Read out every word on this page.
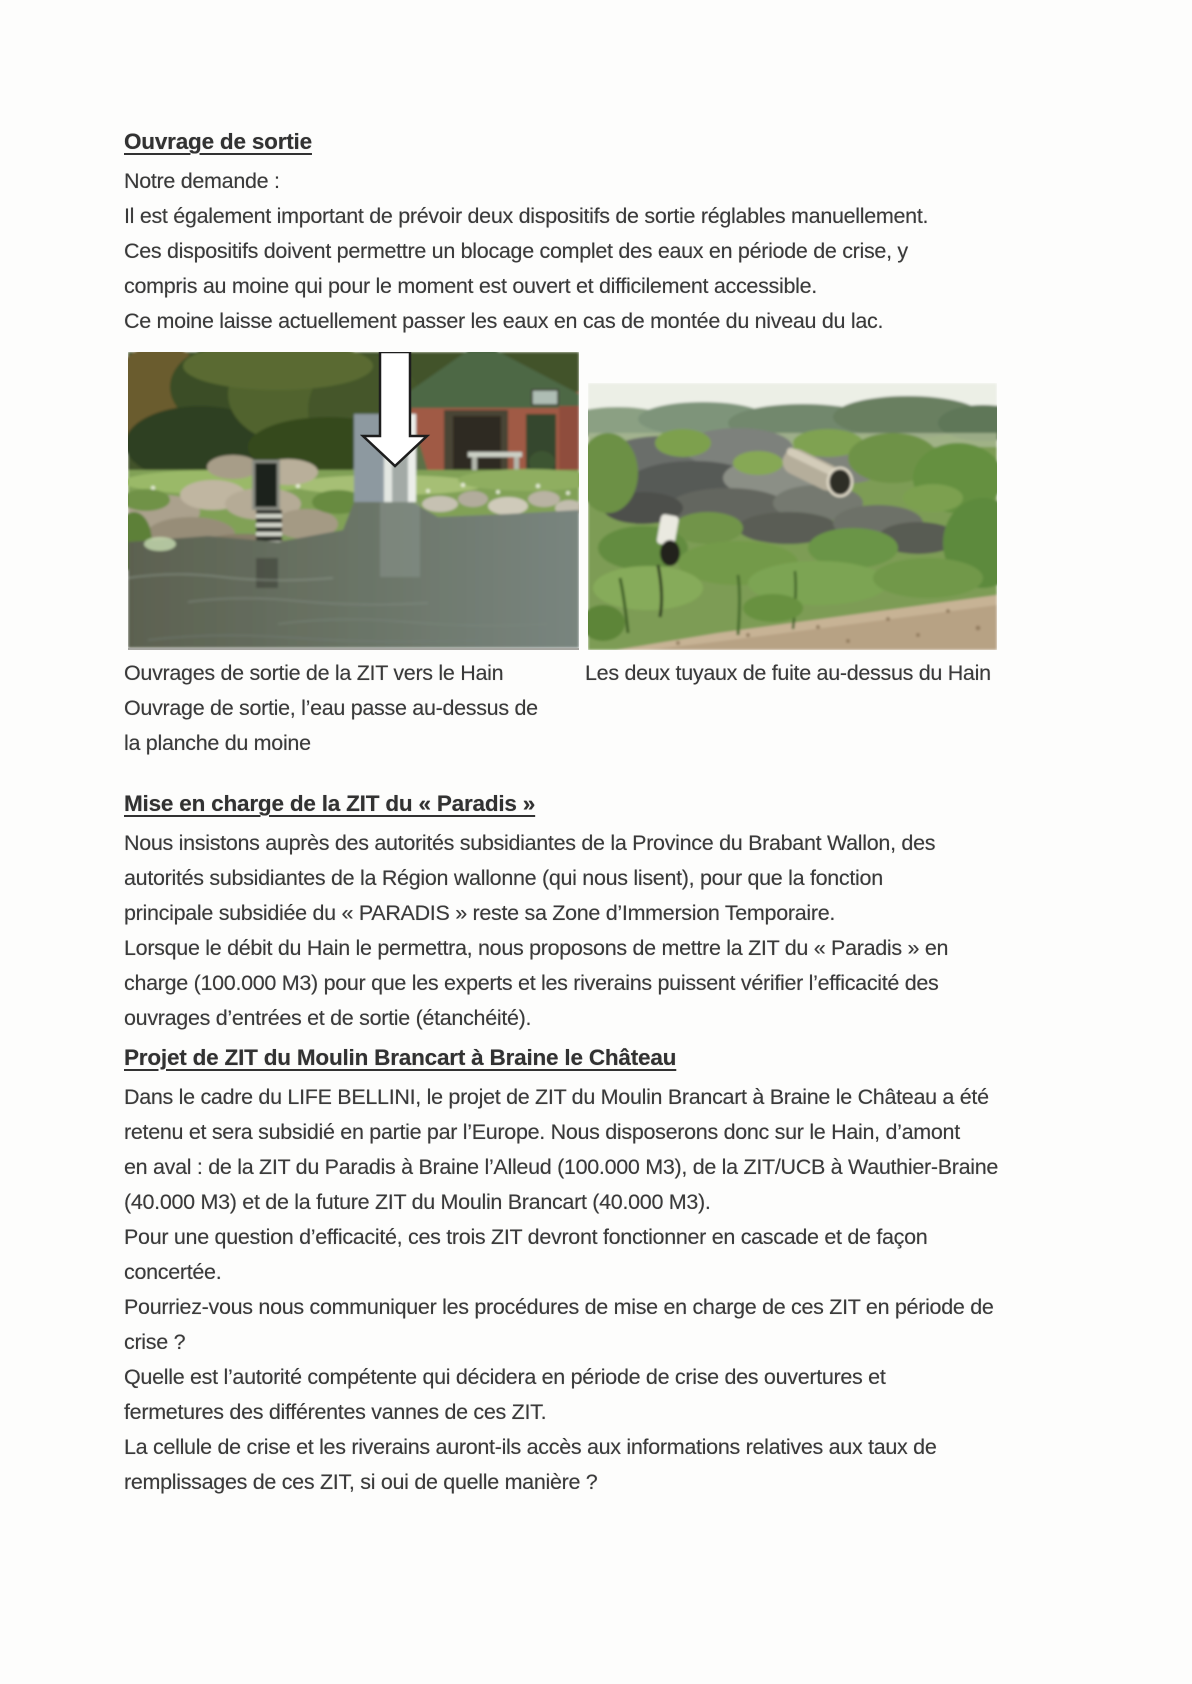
Ouvrage de sortie
Notre demande :
Il est également important de prévoir deux dispositifs de sortie réglables manuellement.
Ces dispositifs doivent permettre un blocage complet des eaux en période de crise, y
compris au moine qui pour le moment est ouvert et difficilement accessible.
Ce moine laisse actuellement passer les eaux en cas de montée du niveau du lac.
Ouvrages de sortie de la ZIT vers le Hain
Ouvrage de sortie, l’eau passe au-dessus de
la planche du moine
Les deux tuyaux de fuite au-dessus du Hain
Mise en charge de la ZIT du « Paradis »
Nous insistons auprès des autorités subsidiantes de la Province du Brabant Wallon, des
autorités subsidiantes de la Région wallonne (qui nous lisent), pour que la fonction
principale subsidiée du « PARADIS » reste sa Zone d’Immersion Temporaire.
Lorsque le débit du Hain le permettra, nous proposons de mettre la ZIT du « Paradis » en
charge (100.000 M3) pour que les experts et les riverains puissent vérifier l’efficacité des
ouvrages d’entrées et de sortie (étanchéité).
Projet de ZIT du Moulin Brancart à Braine le Château
Dans le cadre du LIFE BELLINI, le projet de ZIT du Moulin Brancart à Braine le Château a été
retenu et sera subsidié en partie par l’Europe. Nous disposerons donc sur le Hain, d’amont
en aval : de la ZIT du Paradis à Braine l’Alleud (100.000 M3), de la ZIT/UCB à Wauthier-Braine
(40.000 M3) et de la future ZIT du Moulin Brancart (40.000 M3).
Pour une question d’efficacité, ces trois ZIT devront fonctionner en cascade et de façon
concertée.
Pourriez-vous nous communiquer les procédures de mise en charge de ces ZIT en période de
crise ?
Quelle est l’autorité compétente qui décidera en période de crise des ouvertures et
fermetures des différentes vannes de ces ZIT.
La cellule de crise et les riverains auront-ils accès aux informations relatives aux taux de
remplissages de ces ZIT, si oui de quelle manière ?
